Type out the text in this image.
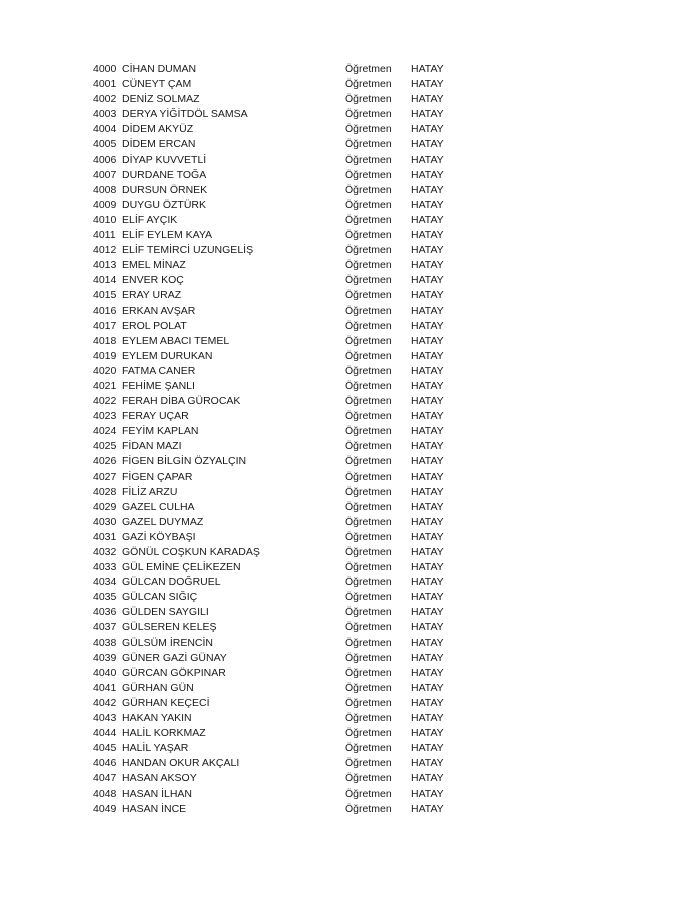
4000 CİHAN DUMAN	Öğretmen HATAY
4001 CÜNEYT ÇAM	Öğretmen HATAY
4002 DENİZ SOLMAZ	Öğretmen HATAY
4003 DERYA YİĞİTDÖL SAMSA	Öğretmen HATAY
4004 DİDEM AKYÜZ	Öğretmen HATAY
4005 DİDEM ERCAN	Öğretmen HATAY
4006 DİYAP KUVVETLİ	Öğretmen HATAY
4007 DURDANE TOĞA	Öğretmen HATAY
4008 DURSUN ÖRNEK	Öğretmen HATAY
4009 DUYGU ÖZTÜRK	Öğretmen HATAY
4010 ELİF AYÇIK	Öğretmen HATAY
4011 ELİF EYLEM KAYA	Öğretmen HATAY
4012 ELİF TEMİRCİ UZUNGELİŞ	Öğretmen HATAY
4013 EMEL MİNAZ	Öğretmen HATAY
4014 ENVER KOÇ	Öğretmen HATAY
4015 ERAY URAZ	Öğretmen HATAY
4016 ERKAN AVŞAR	Öğretmen HATAY
4017 EROL POLAT	Öğretmen HATAY
4018 EYLEM ABACI TEMEL	Öğretmen HATAY
4019 EYLEM DURUKAN	Öğretmen HATAY
4020 FATMA CANER	Öğretmen HATAY
4021 FEHİME ŞANLI	Öğretmen HATAY
4022 FERAH DİBA GÜROCAK	Öğretmen HATAY
4023 FERAY UÇAR	Öğretmen HATAY
4024 FEYİM KAPLAN	Öğretmen HATAY
4025 FİDAN MAZI	Öğretmen HATAY
4026 FİGEN BİLGİN ÖZYALÇIN	Öğretmen HATAY
4027 FİGEN ÇAPAR	Öğretmen HATAY
4028 FİLİZ ARZU	Öğretmen HATAY
4029 GAZEL CULHA	Öğretmen HATAY
4030 GAZEL DUYMAZ	Öğretmen HATAY
4031 GAZİ KÖYBAŞI	Öğretmen HATAY
4032 GÖNÜL COŞKUN KARADAŞ	Öğretmen HATAY
4033 GÜL EMİNE ÇELİKEZEN	Öğretmen HATAY
4034 GÜLCAN DOĞRUEL	Öğretmen HATAY
4035 GÜLCAN SIĞIÇ	Öğretmen HATAY
4036 GÜLDEN SAYGILI	Öğretmen HATAY
4037 GÜLSEREN KELEŞ	Öğretmen HATAY
4038 GÜLSÜM İRENCİN	Öğretmen HATAY
4039 GÜNER GAZİ GÜNAY	Öğretmen HATAY
4040 GÜRCAN GÖKPINAR	Öğretmen HATAY
4041 GÜRHAN GÜN	Öğretmen HATAY
4042 GÜRHAN KEÇECİ	Öğretmen HATAY
4043 HAKAN YAKIN	Öğretmen HATAY
4044 HALİL KORKMAZ	Öğretmen HATAY
4045 HALİL YAŞAR	Öğretmen HATAY
4046 HANDAN OKUR AKÇALI	Öğretmen HATAY
4047 HASAN AKSOY	Öğretmen HATAY
4048 HASAN İLHAN	Öğretmen HATAY
4049 HASAN İNCE	Öğretmen HATAY
